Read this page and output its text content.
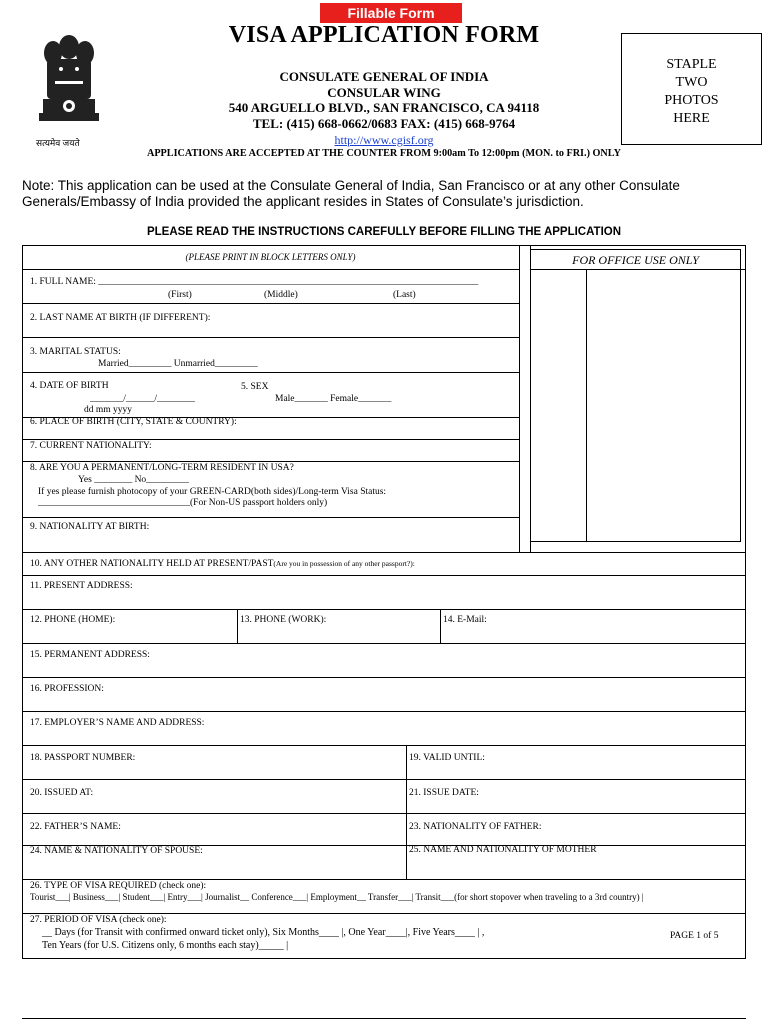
Fillable Form
VISA APPLICATION FORM
सत्यमेव जयते
CONSULATE GENERAL OF INDIA
CONSULAR WING
540 ARGUELLO BLVD., SAN FRANCISCO, CA 94118
TEL: (415) 668-0662/0683 FAX: (415) 668-9764
http://www.cgisf.org
STAPLE
TWO
PHOTOS
HERE
APPLICATIONS ARE ACCEPTED AT THE COUNTER FROM 9:00am To 12:00pm (MON. to FRI.) ONLY
Note: This application can be used at the Consulate General of India, San Francisco or at any other Consulate
Generals/Embassy of India provided the applicant resides in States of Consulate’s jurisdiction.
PLEASE READ THE INSTRUCTIONS CAREFULLY BEFORE FILLING THE APPLICATION
FOR OFFICE USE ONLY
(PLEASE PRINT IN BLOCK LETTERS ONLY)
1. FULL NAME: ________________________________________________________________________________
(First)	(Middle)	(Last)
2. LAST NAME AT BIRTH (IF DIFFERENT):
3. MARITAL STATUS:
Married_________ Unmarried_________
4. DATE OF BIRTH
_______/______/________
dd mm yyyy
5. SEX
Male_______ Female_______
6. PLACE OF BIRTH (CITY, STATE & COUNTRY):
7. CURRENT NATIONALITY:
8. ARE YOU A PERMANENT/LONG-TERM RESIDENT IN USA?
Yes ________ No_________
If yes please furnish photocopy of your GREEN-CARD(both sides)/Long-term Visa Status:
________________________________(For Non-US passport holders only)
9. NATIONALITY AT BIRTH:
10. ANY OTHER NATIONALITY HELD AT PRESENT/PAST(Are you in possession of any other passport?):
11. PRESENT ADDRESS:
12. PHONE (HOME):	13. PHONE (WORK):	14. E-Mail:
15. PERMANENT ADDRESS:
16. PROFESSION:
17. EMPLOYER’S NAME AND ADDRESS:
18. PASSPORT NUMBER:	19. VALID UNTIL:
20. ISSUED AT:	21. ISSUE DATE:
22. FATHER’S NAME:	23. NATIONALITY OF FATHER:
24. NAME & NATIONALITY OF SPOUSE:	25. NAME AND NATIONALITY OF MOTHER
26. TYPE OF VISA REQUIRED (check one):
Tourist___| Business___| Student___| Entry___| Journalist__ Conference___| Employment__ Transfer___| Transit___(for short stopover when traveling to a 3rd country) |
27. PERIOD OF VISA (check one):
__ Days (for Transit with confirmed onward ticket only), Six Months____ |, One Year____|, Five Years____ | ,
Ten Years (for U.S. Citizens only, 6 months each stay)_____ |
PAGE 1 of 5
